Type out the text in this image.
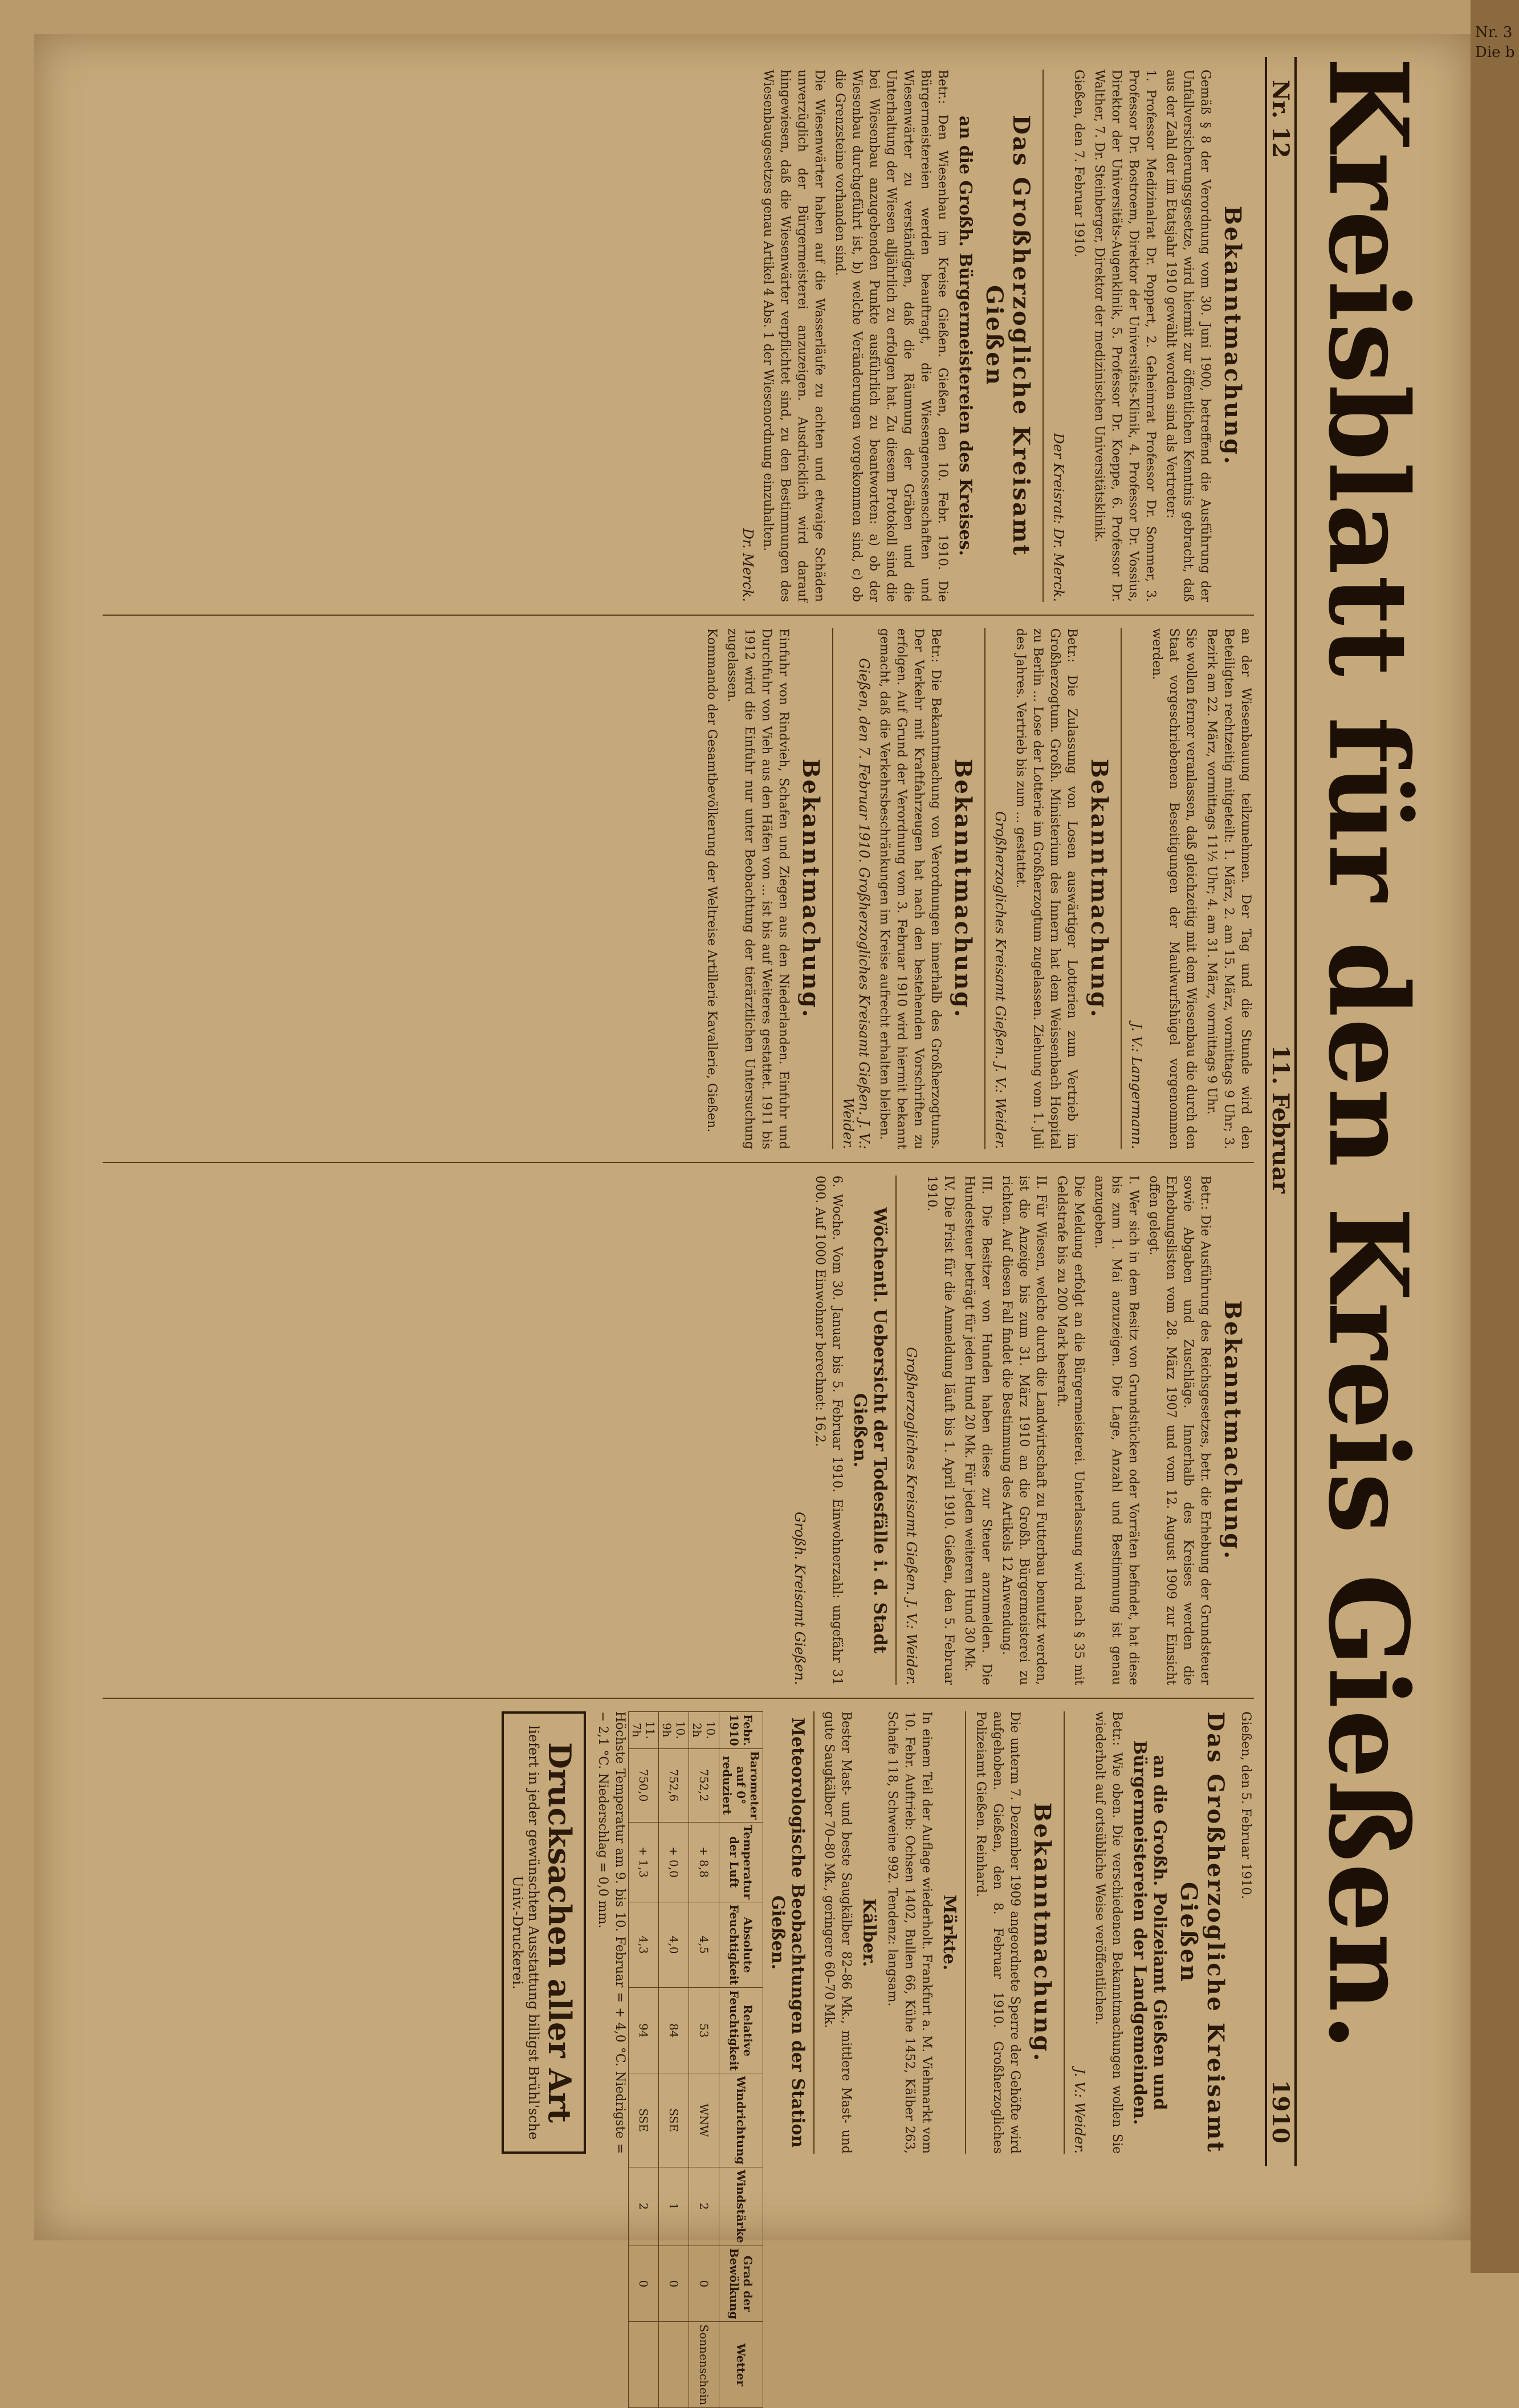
Kreisblatt für den Kreis Gießen.
Nr. 12
11. Februar
1910
Bekanntmachung.

Gemäß § 8 der Verordnung vom 30. Juni 1900, betreffend die Ausführung der Unfallversicherungsgesetze, wird hiermit zur öffentlichen Kenntnis gebracht, daß aus der Zahl der im Etatsjahr 1910 gewählt worden sind als Vertreter:

1. Professor Medizinalrat Dr. Poppert, 2. Geheimrat Professor Dr. Sommer, 3. Professor Dr. Bostroem, Direktor der Universitäts-Klinik, 4. Professor Dr. Vossius, Direktor der Universitäts-Augenklinik, 5. Professor Dr. Koeppe, 6. Professor Dr. Walther, 7. Dr. Steinberger, Direktor der medizinischen Universitätsklinik.

Gießen, den 7. Februar 1910.

Der Kreisrat: Dr. Merck.
Das Großherzogliche Kreisamt Gießen
an die Großh. Bürgermeistereien des Kreises.

Betr.: Den Wiesenbau im Kreise Gießen. Gießen, den 10. Febr. 1910. Die Bürgermeistereien werden beauftragt, die Wiesengenossenschaften und Wiesenwärter zu verständigen, daß die Räumung der Gräben und die Unterhaltung der Wiesen alljährlich zu erfolgen hat. Zu diesem Protokoll sind die bei Wiesenbau anzugebenden Punkte ausführlich zu beantworten: a) ob der Wiesenbau durchgeführt ist, b) welche Veränderungen vorgekommen sind, c) ob die Grenzsteine vorhanden sind.

Die Wiesenwärter haben auf die Wasserläufe zu achten und etwaige Schäden unverzüglich der Bürgermeisterei anzuzeigen. Ausdrücklich wird darauf hingewiesen, daß die Wiesenwärter verpflichtet sind, zu den Bestimmungen des Wiesenbaugesetzes genau Artikel 4 Abs. 1 der Wiesenordnung einzuhalten.

Dr. Merck.

an der Wiesenbauung teilzunehmen. Der Tag und die Stunde wird den Beteiligten rechtzeitig mitgeteilt: 1. März, 2. am 15. März, vormittags 9 Uhr; 3. Bezirk am 22. März, vormittags 11½ Uhr; 4. am 31. März, vormittags 9 Uhr.

Sie wollen ferner veranlassen, daß gleichzeitig mit dem Wiesenbau die durch den Staat vorgeschriebenen Beseitigungen der Maulwurfshügel vorgenommen werden.

J. V.: Langermann.
Bekanntmachung.

Betr.: Die Zulassung von Losen auswärtiger Lotterien zum Vertrieb im Großherzogtum. Großh. Ministerium des Innern hat dem Weissenbach Hospital zu Berlin ... Lose der Lotterie im Großherzogtum zugelassen. Ziehung vom 1. Juli des Jahres. Vertrieb bis zum ... gestattet.

Großherzogliches Kreisamt Gießen. J. V.: Weider.
Bekanntmachung.

Betr.: Die Bekanntmachung von Verordnungen innerhalb des Großherzogtums. Der Verkehr mit Kraftfahrzeugen hat nach den bestehenden Vorschriften zu erfolgen. Auf Grund der Verordnung vom 3. Februar 1910 wird hiermit bekannt gemacht, daß die Verkehrsbeschränkungen im Kreise aufrecht erhalten bleiben.

Gießen, den 7. Februar 1910. Großherzogliches Kreisamt Gießen. J. V.: Weider.
Bekanntmachung.

Einfuhr von Rindvieh, Schafen und Ziegen aus den Niederlanden. Einfuhr und Durchfuhr von Vieh aus den Häfen von ... ist bis auf Weiteres gestattet. 1911 bis 1912 wird die Einfuhr nur unter Beobachtung der tierärztlichen Untersuchung zugelassen.

Kommando der Gesamtbevölkerung der Weltreise Artillerie Kavallerie, Gießen.

Bekanntmachung.

Betr.: Die Ausführung des Reichsgesetzes, betr. die Erhebung der Grundsteuer sowie Abgaben und Zuschläge. Innerhalb des Kreises werden die Erhebungslisten vom 28. März 1907 und vom 12. August 1909 zur Einsicht offen gelegt.

I. Wer sich in dem Besitz von Grundstücken oder Vorräten befindet, hat diese bis zum 1. Mai anzuzeigen. Die Lage, Anzahl und Bestimmung ist genau anzugeben.

Die Meldung erfolgt an die Bürgermeisterei. Unterlassung wird nach § 35 mit Geldstrafe bis zu 200 Mark bestraft.

II. Für Wiesen, welche durch die Landwirtschaft zu Futterbau benutzt werden, ist die Anzeige bis zum 31. März 1910 an die Großh. Bürgermeisterei zu richten. Auf diesen Fall findet die Bestimmung des Artikels 12 Anwendung.

III. Die Besitzer von Hunden haben diese zur Steuer anzumelden. Die Hundesteuer beträgt für jeden Hund 20 Mk. Für jeden weiteren Hund 30 Mk.

IV. Die Frist für die Anmeldung läuft bis 1. April 1910. Gießen, den 5. Februar 1910.

Großherzogliches Kreisamt Gießen. J. V.: Weider.
Wöchentl. Uebersicht der Todesfälle i. d. Stadt Gießen.

6. Woche. Vom 30. Januar bis 5. Februar 1910. Einwohnerzahl: ungefähr 31 000. Auf 1000 Einwohner berechnet: 16,2.

Großh. Kreisamt Gießen.

Gießen, den 5. Februar 1910.

Das Großherzogliche Kreisamt Gießen
an die Großh. Polizeiamt Gießen und Bürgermeistereien der Landgemeinden.

Betr.: Wie oben. Die verschiedenen Bekanntmachungen wollen Sie wiederholt auf ortsübliche Weise veröffentlichen.

J. V.: Weider.
Bekanntmachung.

Die unterm 7. Dezember 1909 angeordnete Sperre der Gehöfte wird aufgehoben. Gießen, den 8. Februar 1910. Großherzogliches Polizeiamt Gießen. Reinhard.

Märkte.

In einem Teil der Auflage wiederholt. Frankfurt a. M. Viehmarkt vom 10. Febr. Auftrieb: Ochsen 1402, Bullen 66, Kühe 1452, Kälber 263, Schafe 118, Schweine 992. Tendenz: langsam.

Kälber.

Bester Mast- und beste Saugkälber 82–86 Mk., mittlere Mast- und gute Saugkälber 70–80 Mk., geringere 60–70 Mk.

Meteorologische Beobachtungen der Station Gießen.
Febr. 1910	Barometer auf 0° reduziert	Temperatur der Luft	Absolute Feuchtigkeit	Relative Feuchtigkeit	Windrichtung	Windstärke	Grad der Bewölkung	Wetter
10. 2h	752,2	+ 8,8	4,5	53	WNW	2	0	Sonnenschein
10. 9h	752,6	+ 0,0	4,0	84	SSE	1	0	
11. 7h	750,0	+ 1,3	4,3	94	SSE	2	0	

Höchste Temperatur am 9. bis 10. Februar = + 4,0 °C. Niedrigste = − 2,1 °C. Niederschlag = 0,0 mm.

Drucksachen aller Art
liefert in jeder gewünschten Ausstattung billigst Brühl'sche Univ.-Druckerei.
Nr. 3 Die b
